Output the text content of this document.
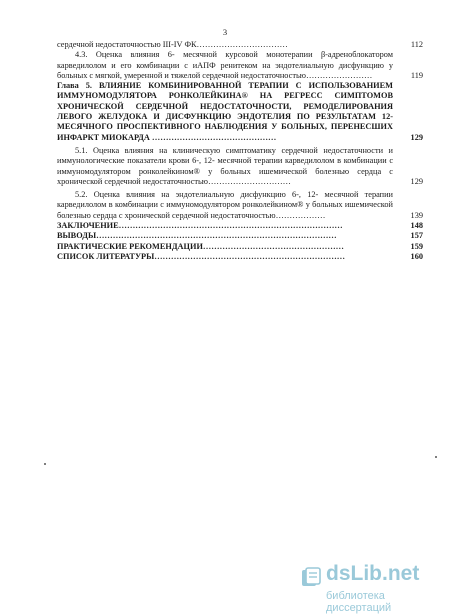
3
сердечной недостаточностью III-IV ФК……………………………	112
4.3. Оценка влияния 6- месячной курсовой монотерапии β-адреноблокатором карведилолом и его комбинации с иАПФ ренитеком на эндотелиальную дисфункцию у больных с мягкой, умеренной и тяжелой сердечной недостаточностью……………………	119
Глава 5. ВЛИЯНИЕ КОМБИНИРОВАННОЙ ТЕРАПИИ С ИСПОЛЬЗОВАНИЕМ ИММУНОМОДУЛЯТОРА РОНКОЛЕЙКИНА® НА РЕГРЕСС СИМПТОМОВ ХРОНИЧЕСКОЙ СЕРДЕЧНОЙ НЕДОСТАТОЧНОСТИ, РЕМОДЕЛИРОВАНИЯ ЛЕВОГО ЖЕЛУДОКА И ДИСФУНКЦИЮ ЭНДОТЕЛИЯ ПО РЕЗУЛЬТАТАМ 12- МЕСЯЧНОГО ПРОСПЕКТИВНОГО НАБЛЮДЕНИЯ У БОЛЬНЫХ, ПЕРЕНЕСШИХ ИНФАРКТ МИОКАРДА ………………………………………	129
5.1. Оценка влияния на клиническую симптоматику сердечной недостаточности и иммунологические показатели крови 6-, 12- месячной терапии карведилолом в комбинации с иммуномодулятором ронколейкином® у больных ишемической болезнью сердца с хронической сердечной недостаточностью…………………………	129
5.2. Оценка влияния на эндотелиальную дисфункцию 6-, 12- месячной терапии карведилолом в комбинации с иммуномодулятором ронколейкином® у больных ишемической болезнью сердца с хронической сердечной недостаточностью………………	139
ЗАКЛЮЧЕНИЕ………………………………………………………………………	148
ВЫВОДЫ……………………………………………………………………………	157
ПРАКТИЧЕСКИЕ РЕКОМЕНДАЦИИ……………………………………………	159
СПИСОК ЛИТЕРАТУРЫ……………………………………………………………	160
dsLib.net
библиотека диссертаций
